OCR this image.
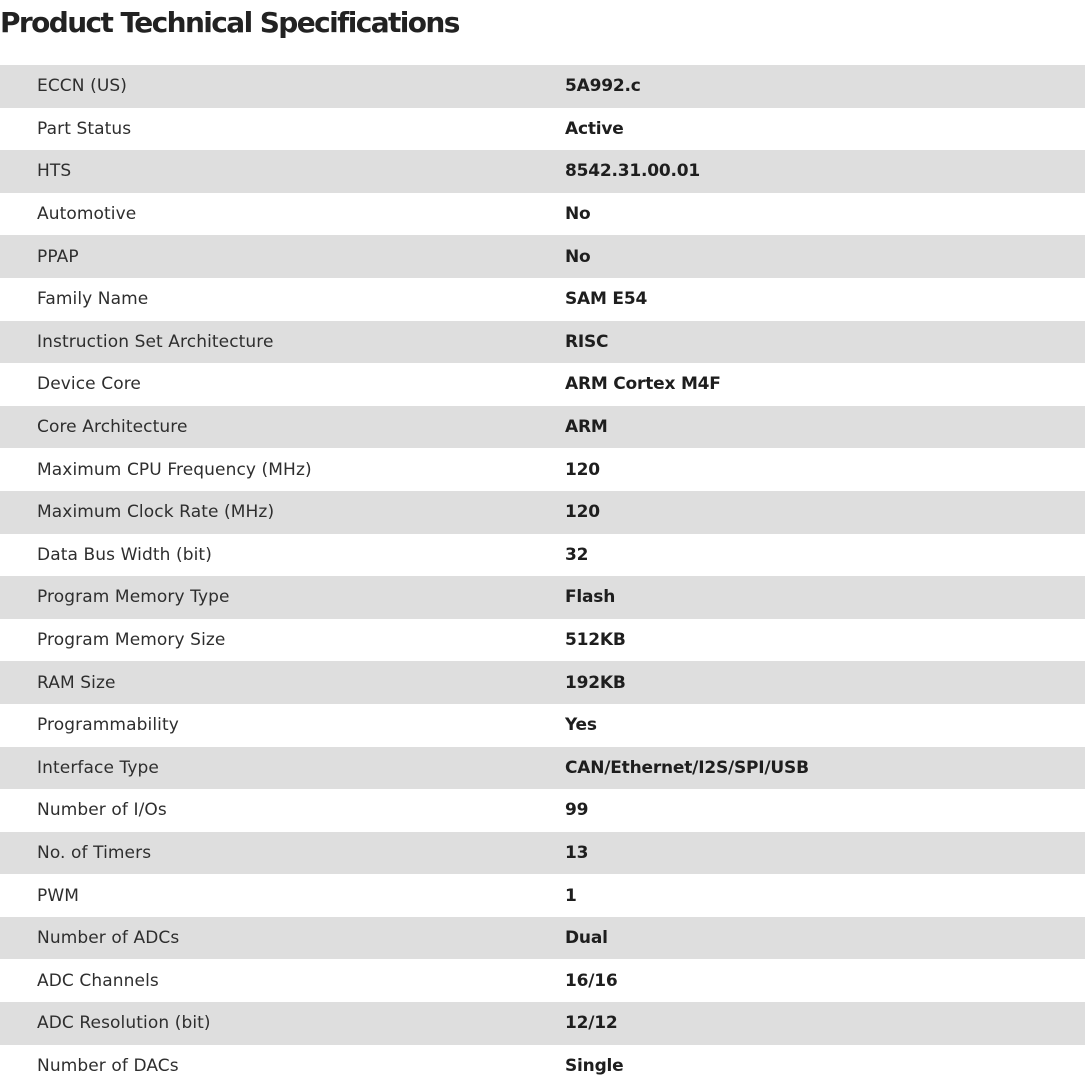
Product Technical Specifications
ECCN (US)	5A992.c
Part Status	Active
HTS	8542.31.00.01
Automotive	No
PPAP	No
Family Name	SAM E54
Instruction Set Architecture	RISC
Device Core	ARM Cortex M4F
Core Architecture	ARM
Maximum CPU Frequency (MHz)	120
Maximum Clock Rate (MHz)	120
Data Bus Width (bit)	32
Program Memory Type	Flash
Program Memory Size	512KB
RAM Size	192KB
Programmability	Yes
Interface Type	CAN/Ethernet/I2S/SPI/USB
Number of I/Os	99
No. of Timers	13
PWM	1
Number of ADCs	Dual
ADC Channels	16/16
ADC Resolution (bit)	12/12
Number of DACs	Single
